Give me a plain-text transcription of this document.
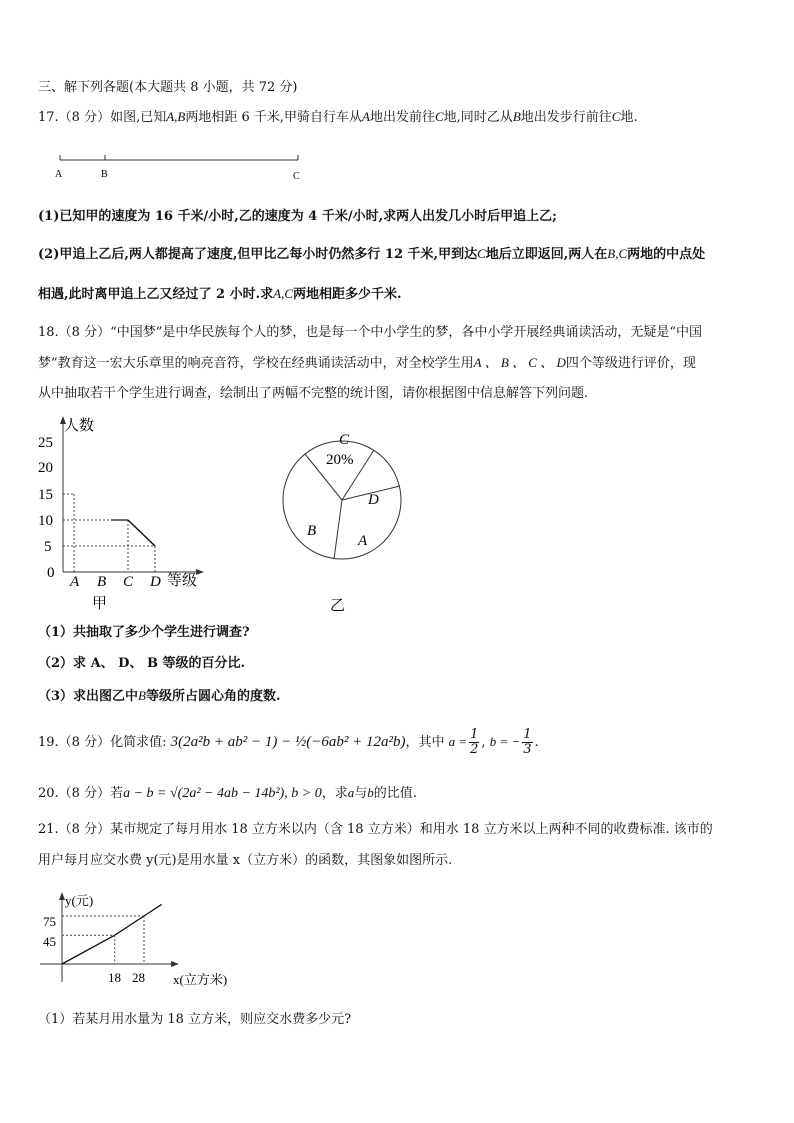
三、解下列各题(本大题共 8 小题，共 72 分)
17.（8 分）如图,已知A,B两地相距 6 千米,甲骑自行车从A地出发前往C地,同时乙从B地出发步行前往C地.
A	B	C
(1)已知甲的速度为 16 千米/小时,乙的速度为 4 千米/小时,求两人出发几小时后甲追上乙;
(2)甲追上乙后,两人都提高了速度,但甲比乙每小时仍然多行 12 千米,甲到达C地后立即返回,两人在B,C两地的中点处
相遇,此时离甲追上乙又经过了 2 小时.求A,C两地相距多少千米.
18.（8 分）“中国梦”是中华民族每个人的梦，也是每一个中小学生的梦，各中小学开展经典诵读活动，无疑是“中国
梦”教育这一宏大乐章里的响亮音符，学校在经典诵读活动中，对全校学生用A 、 B 、 C 、 D四个等级进行评价，现
从中抽取若干个学生进行调查，绘制出了两幅不完整的统计图，请你根据图中信息解答下列问题.
人数
等级
25
20
15
10
5
0
A B C D
甲
C
20%
D
B
A
乙
（1）共抽取了多少个学生进行调查?
（2）求 A、 D、 B 等级的百分比.
（3）求出图乙中B等级所占圆心角的度数.
19.（8 分）化简求值: 3(2a²b + ab² − 1) − ½(−6ab² + 12a²b)，其中 $a = \frac{1}{2}$ , b = − $\frac{1}{3}$ .
20.（8 分）若a − b = √(2a² − 4ab − 14b²), b > 0，求a与b的比值.
21.（8 分）某市规定了每月用水 18 立方米以内（含 18 立方米）和用水 18 立方米以上两种不同的收费标准. 该市的
用户每月应交水费 y(元)是用水量 x（立方米）的函数，其图象如图所示.
y(元)
x(立方米)
75
45
18 28
（1）若某月用水量为 18 立方米，则应交水费多少元?
